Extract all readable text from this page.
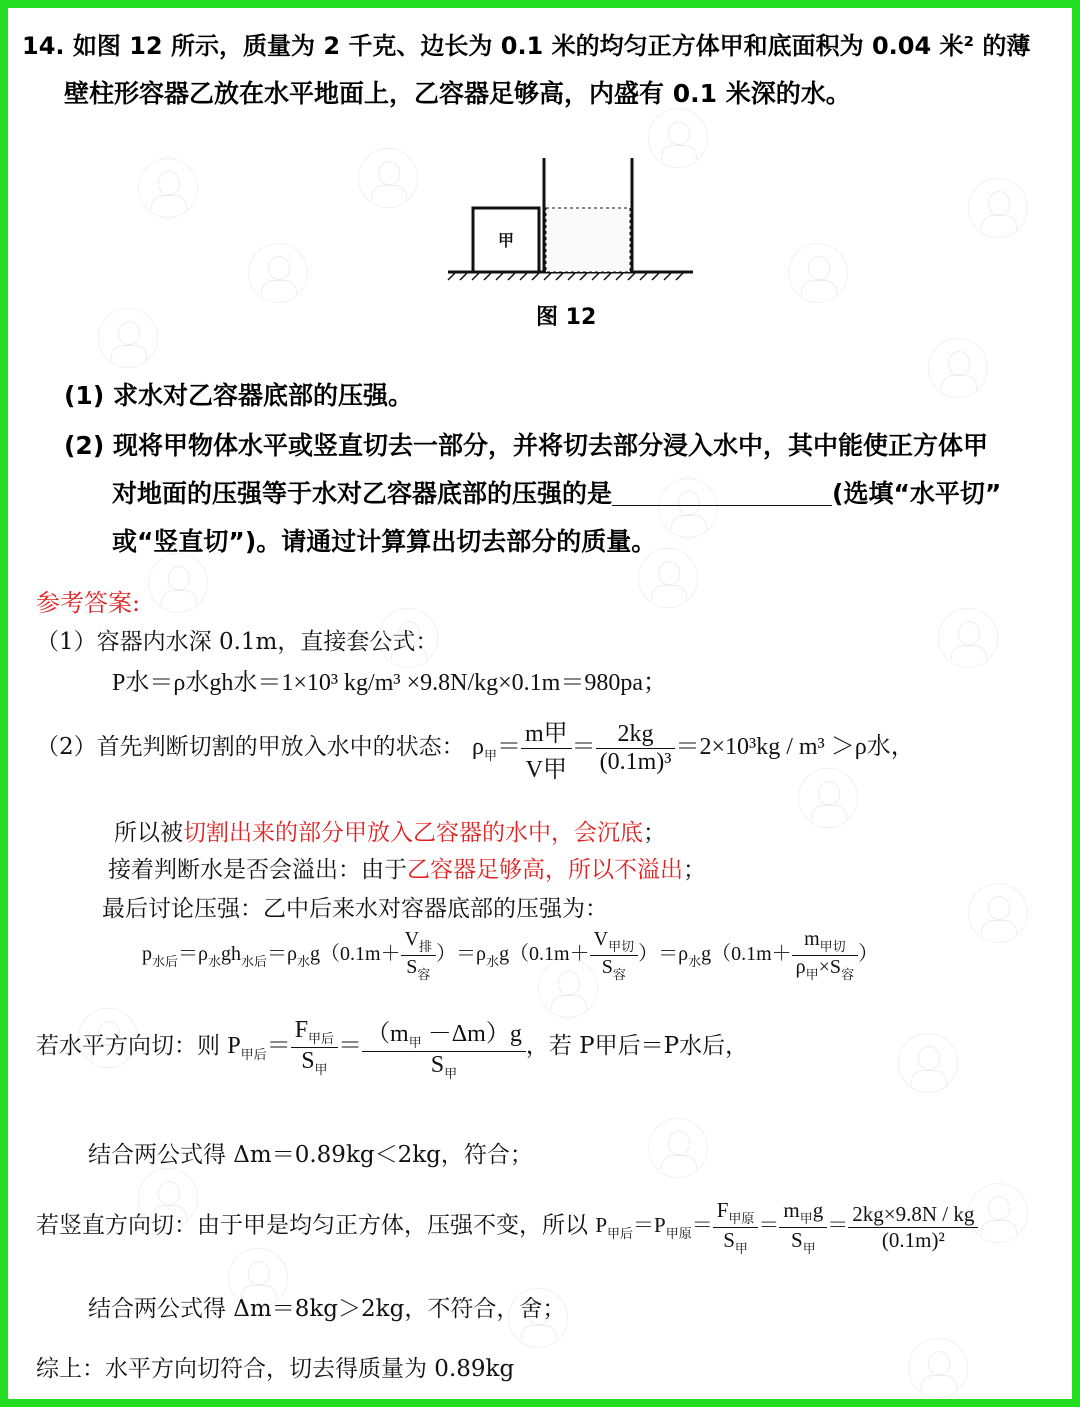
14. 如图 12 所示，质量为 2 千克、边长为 0.1 米的均匀正方体甲和底面积为 0.04 米² 的薄
壁柱形容器乙放在水平地面上，乙容器足够高，内盛有 0.1 米深的水。
甲
图 12
(1) 求水对乙容器底部的压强。
(2) 现将甲物体水平或竖直切去一部分，并将切去部分浸入水中，其中能使正方体甲
对地面的压强等于水对乙容器底部的压强的是	(选填“水平切”
或“竖直切”)。请通过计算算出切去部分的质量。
参考答案:
（1）容器内水深 0.1m，直接套公式：
P水＝ρ水gh水＝1×10³ kg/m³ ×9.8N/kg×0.1m＝980pa；
（2）首先判断切割的甲放入水中的状态： $\rho_甲= \frac{\text{m甲}}{\text{V甲}} = \frac{2kg}{\text{(0.1m)³}} =2\times 10^3kg / m^3 >\rho$水，
所以被切割出来的部分甲放入乙容器的水中，会沉底；
接着判断水是否会溢出：由于乙容器足够高，所以不溢出；
最后讨论压强：乙中后来水对容器底部的压强为：
$p_{水后}=\rho_水gh_{水后}=\rho_水g(0.1m+ \frac{V_排}{S_容} )=\rho_水g(0.1m+ \frac{V_{甲切}}{S_容} )=\rho_水g(0.1m+ \frac{m_{甲切}}{\rho_甲\times S_容}$ ）
若水平方向切：则 $P_{甲后}= \frac{F_{甲后}}{S_甲} = \frac{(m_甲 -\Delta m)g}{S_甲}$ ，若 P甲后＝P水后，
结合两公式得 Δm＝0.89kg＜2kg，符合；
若竖直方向切：由于甲是均匀正方体，压强不变，所以 $P_{甲后}=P_{甲原}= \frac{F_{甲原}}{S_甲} = \frac{m_甲g}{S_甲} = \frac{2kg\times 9.8N / kg}{\text{(0.1m)²}}$
结合两公式得 Δm＝8kg＞2kg，不符合，舍；
综上：水平方向切符合，切去得质量为 0.89kg
